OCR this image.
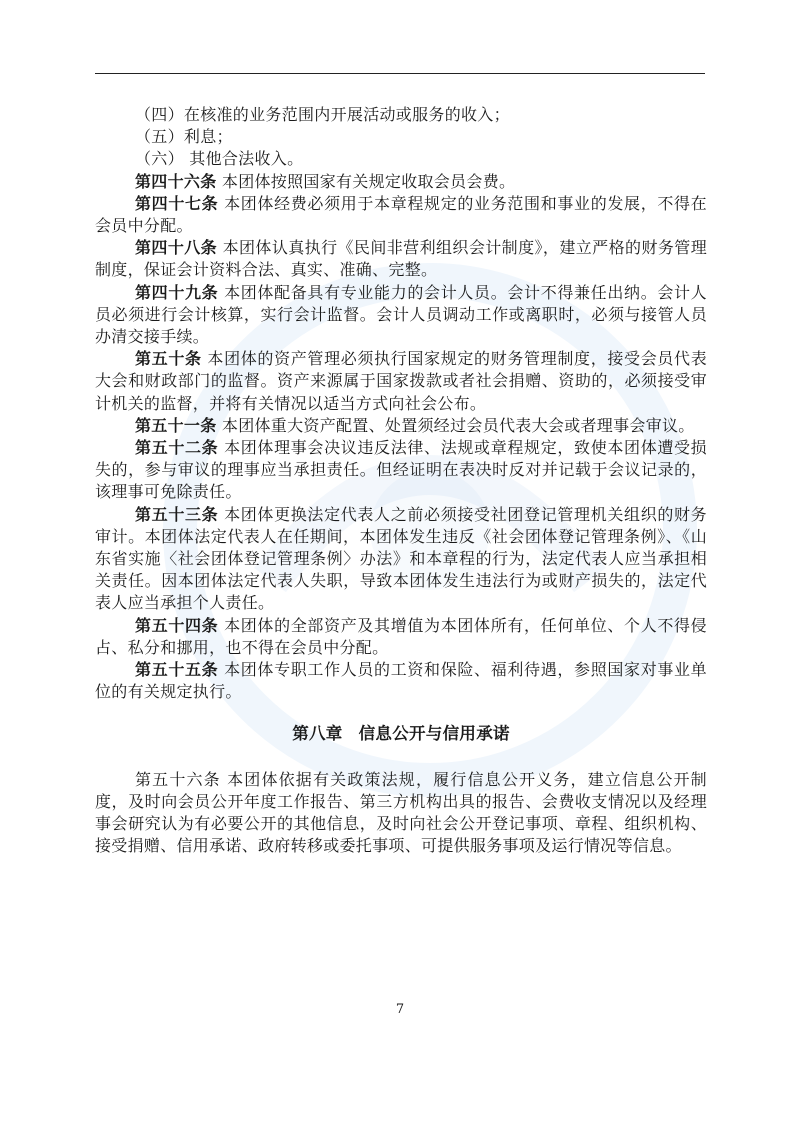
（四）在核准的业务范围内开展活动或服务的收入；

（五）利息；

（六） 其他合法收入。

第四十六条 本团体按照国家有关规定收取会员会费。

第四十七条 本团体经费必须用于本章程规定的业务范围和事业的发展，不得在会员中分配。

第四十八条 本团体认真执行《民间非营利组织会计制度》，建立严格的财务管理制度，保证会计资料合法、真实、准确、完整。

第四十九条 本团体配备具有专业能力的会计人员。会计不得兼任出纳。会计人员必须进行会计核算，实行会计监督。会计人员调动工作或离职时，必须与接管人员办清交接手续。

第五十条 本团体的资产管理必须执行国家规定的财务管理制度，接受会员代表大会和财政部门的监督。资产来源属于国家拨款或者社会捐赠、资助的，必须接受审计机关的监督，并将有关情况以适当方式向社会公布。

第五十一条 本团体重大资产配置、处置须经过会员代表大会或者理事会审议。

第五十二条 本团体理事会决议违反法律、法规或章程规定，致使本团体遭受损失的，参与审议的理事应当承担责任。但经证明在表决时反对并记载于会议记录的，该理事可免除责任。

第五十三条 本团体更换法定代表人之前必须接受社团登记管理机关组织的财务审计。本团体法定代表人在任期间，本团体发生违反《社会团体登记管理条例》、《山东省实施〈社会团体登记管理条例〉办法》和本章程的行为，法定代表人应当承担相关责任。因本团体法定代表人失职，导致本团体发生违法行为或财产损失的，法定代表人应当承担个人责任。

第五十四条 本团体的全部资产及其增值为本团体所有，任何单位、个人不得侵占、私分和挪用，也不得在会员中分配。

第五十五条 本团体专职工作人员的工资和保险、福利待遇，参照国家对事业单位的有关规定执行。

第八章 信息公开与信用承诺

第五十六条 本团体依据有关政策法规，履行信息公开义务，建立信息公开制度，及时向会员公开年度工作报告、第三方机构出具的报告、会费收支情况以及经理事会研究认为有必要公开的其他信息，及时向社会公开登记事项、章程、组织机构、接受捐赠、信用承诺、政府转移或委托事项、可提供服务事项及运行情况等信息。

7
